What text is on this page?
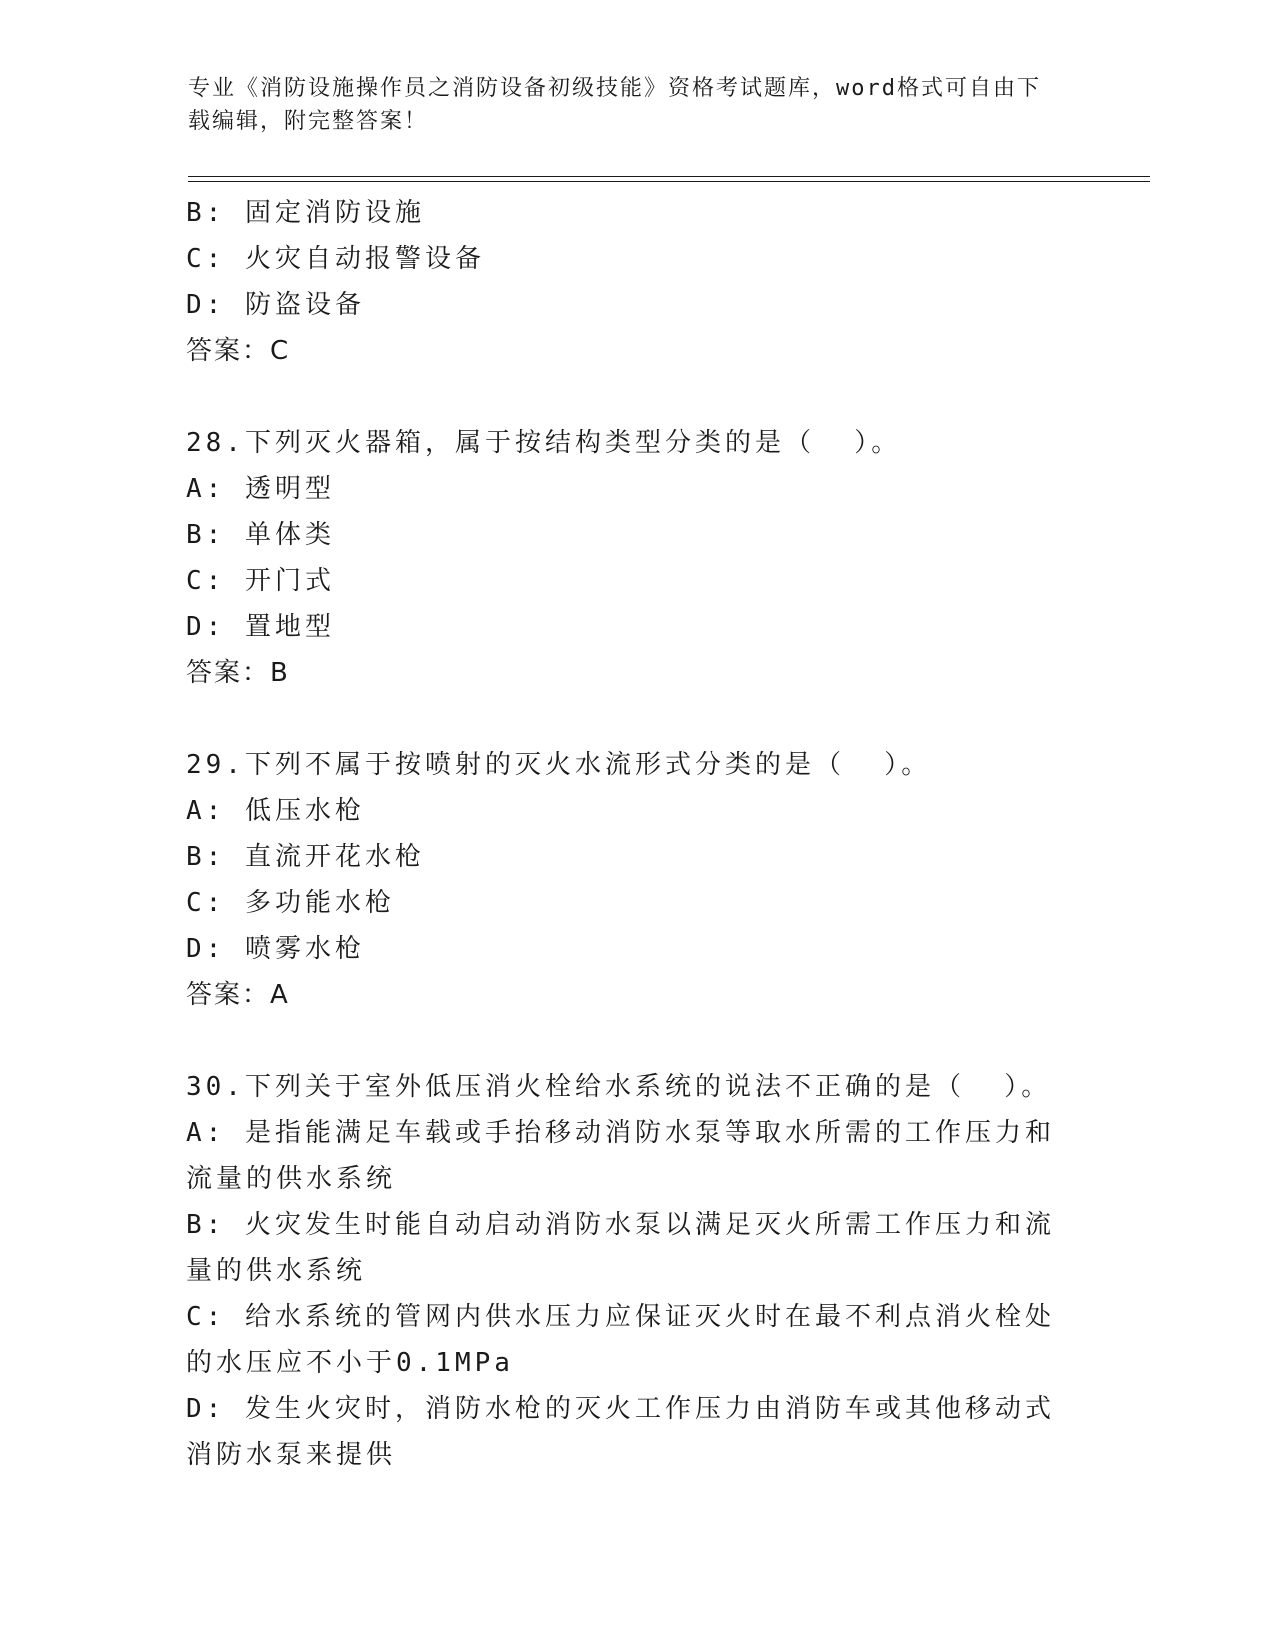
专业《消防设施操作员之消防设备初级技能》资格考试题库，word格式可自由下
载编辑，附完整答案！
B: 固定消防设施
C: 火灾自动报警设备
D: 防盗设备
答案：C
28.下列灭火器箱，属于按结构类型分类的是（  ）。
A: 透明型
B: 单体类
C: 开门式
D: 置地型
答案：B
29.下列不属于按喷射的灭火水流形式分类的是（  ）。
A: 低压水枪
B: 直流开花水枪
C: 多功能水枪
D: 喷雾水枪
答案：A
30.下列关于室外低压消火栓给水系统的说法不正确的是（  ）。
A: 是指能满足车载或手抬移动消防水泵等取水所需的工作压力和流量的供水系统
B: 火灾发生时能自动启动消防水泵以满足灭火所需工作压力和流量的供水系统
C: 给水系统的管网内供水压力应保证灭火时在最不利点消火栓处的水压应不小于0.1MPa
D: 发生火灾时，消防水枪的灭火工作压力由消防车或其他移动式消防水泵来提供
